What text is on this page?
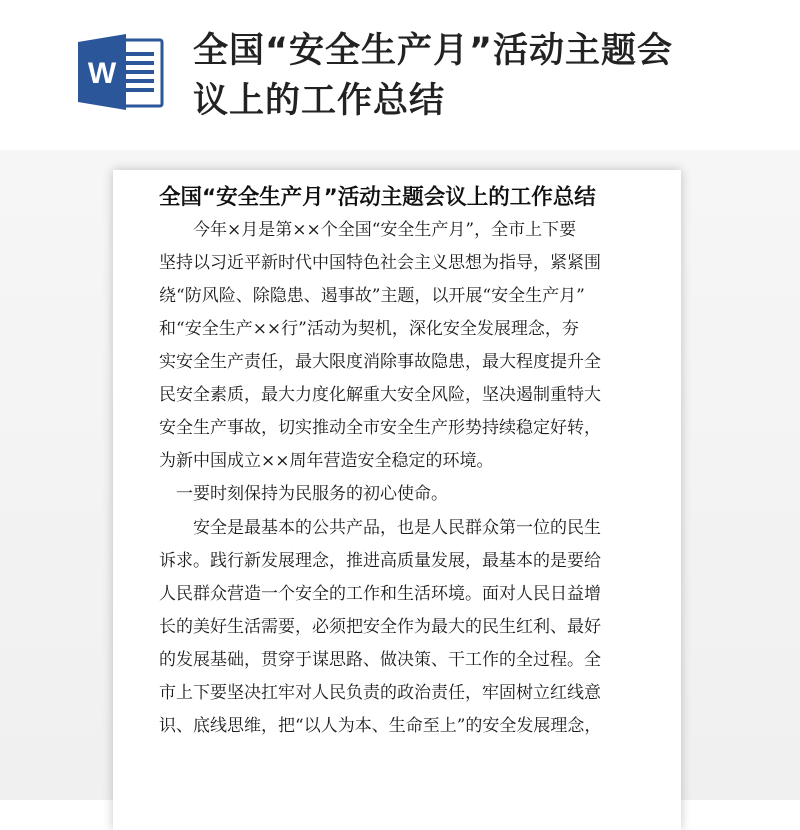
W
全国“安全生产月”活动主题会
议上的工作总结
全国“安全生产月”活动主题会议上的工作总结
　　今年×月是第××个全国“安全生产月”，全市上下要
坚持以习近平新时代中国特色社会主义思想为指导，紧紧围
绕“防风险、除隐患、遏事故”主题，以开展“安全生产月”
和“安全生产××行”活动为契机，深化安全发展理念，夯
实安全生产责任，最大限度消除事故隐患，最大程度提升全
民安全素质，最大力度化解重大安全风险，坚决遏制重特大
安全生产事故，切实推动全市安全生产形势持续稳定好转，
为新中国成立××周年营造安全稳定的环境。
　一要时刻保持为民服务的初心使命。
　　安全是最基本的公共产品，也是人民群众第一位的民生
诉求。践行新发展理念，推进高质量发展，最基本的是要给
人民群众营造一个安全的工作和生活环境。面对人民日益增
长的美好生活需要，必须把安全作为最大的民生红利、最好
的发展基础，贯穿于谋思路、做决策、干工作的全过程。全
市上下要坚决扛牢对人民负责的政治责任，牢固树立红线意
识、底线思维，把“以人为本、生命至上”的安全发展理念，
